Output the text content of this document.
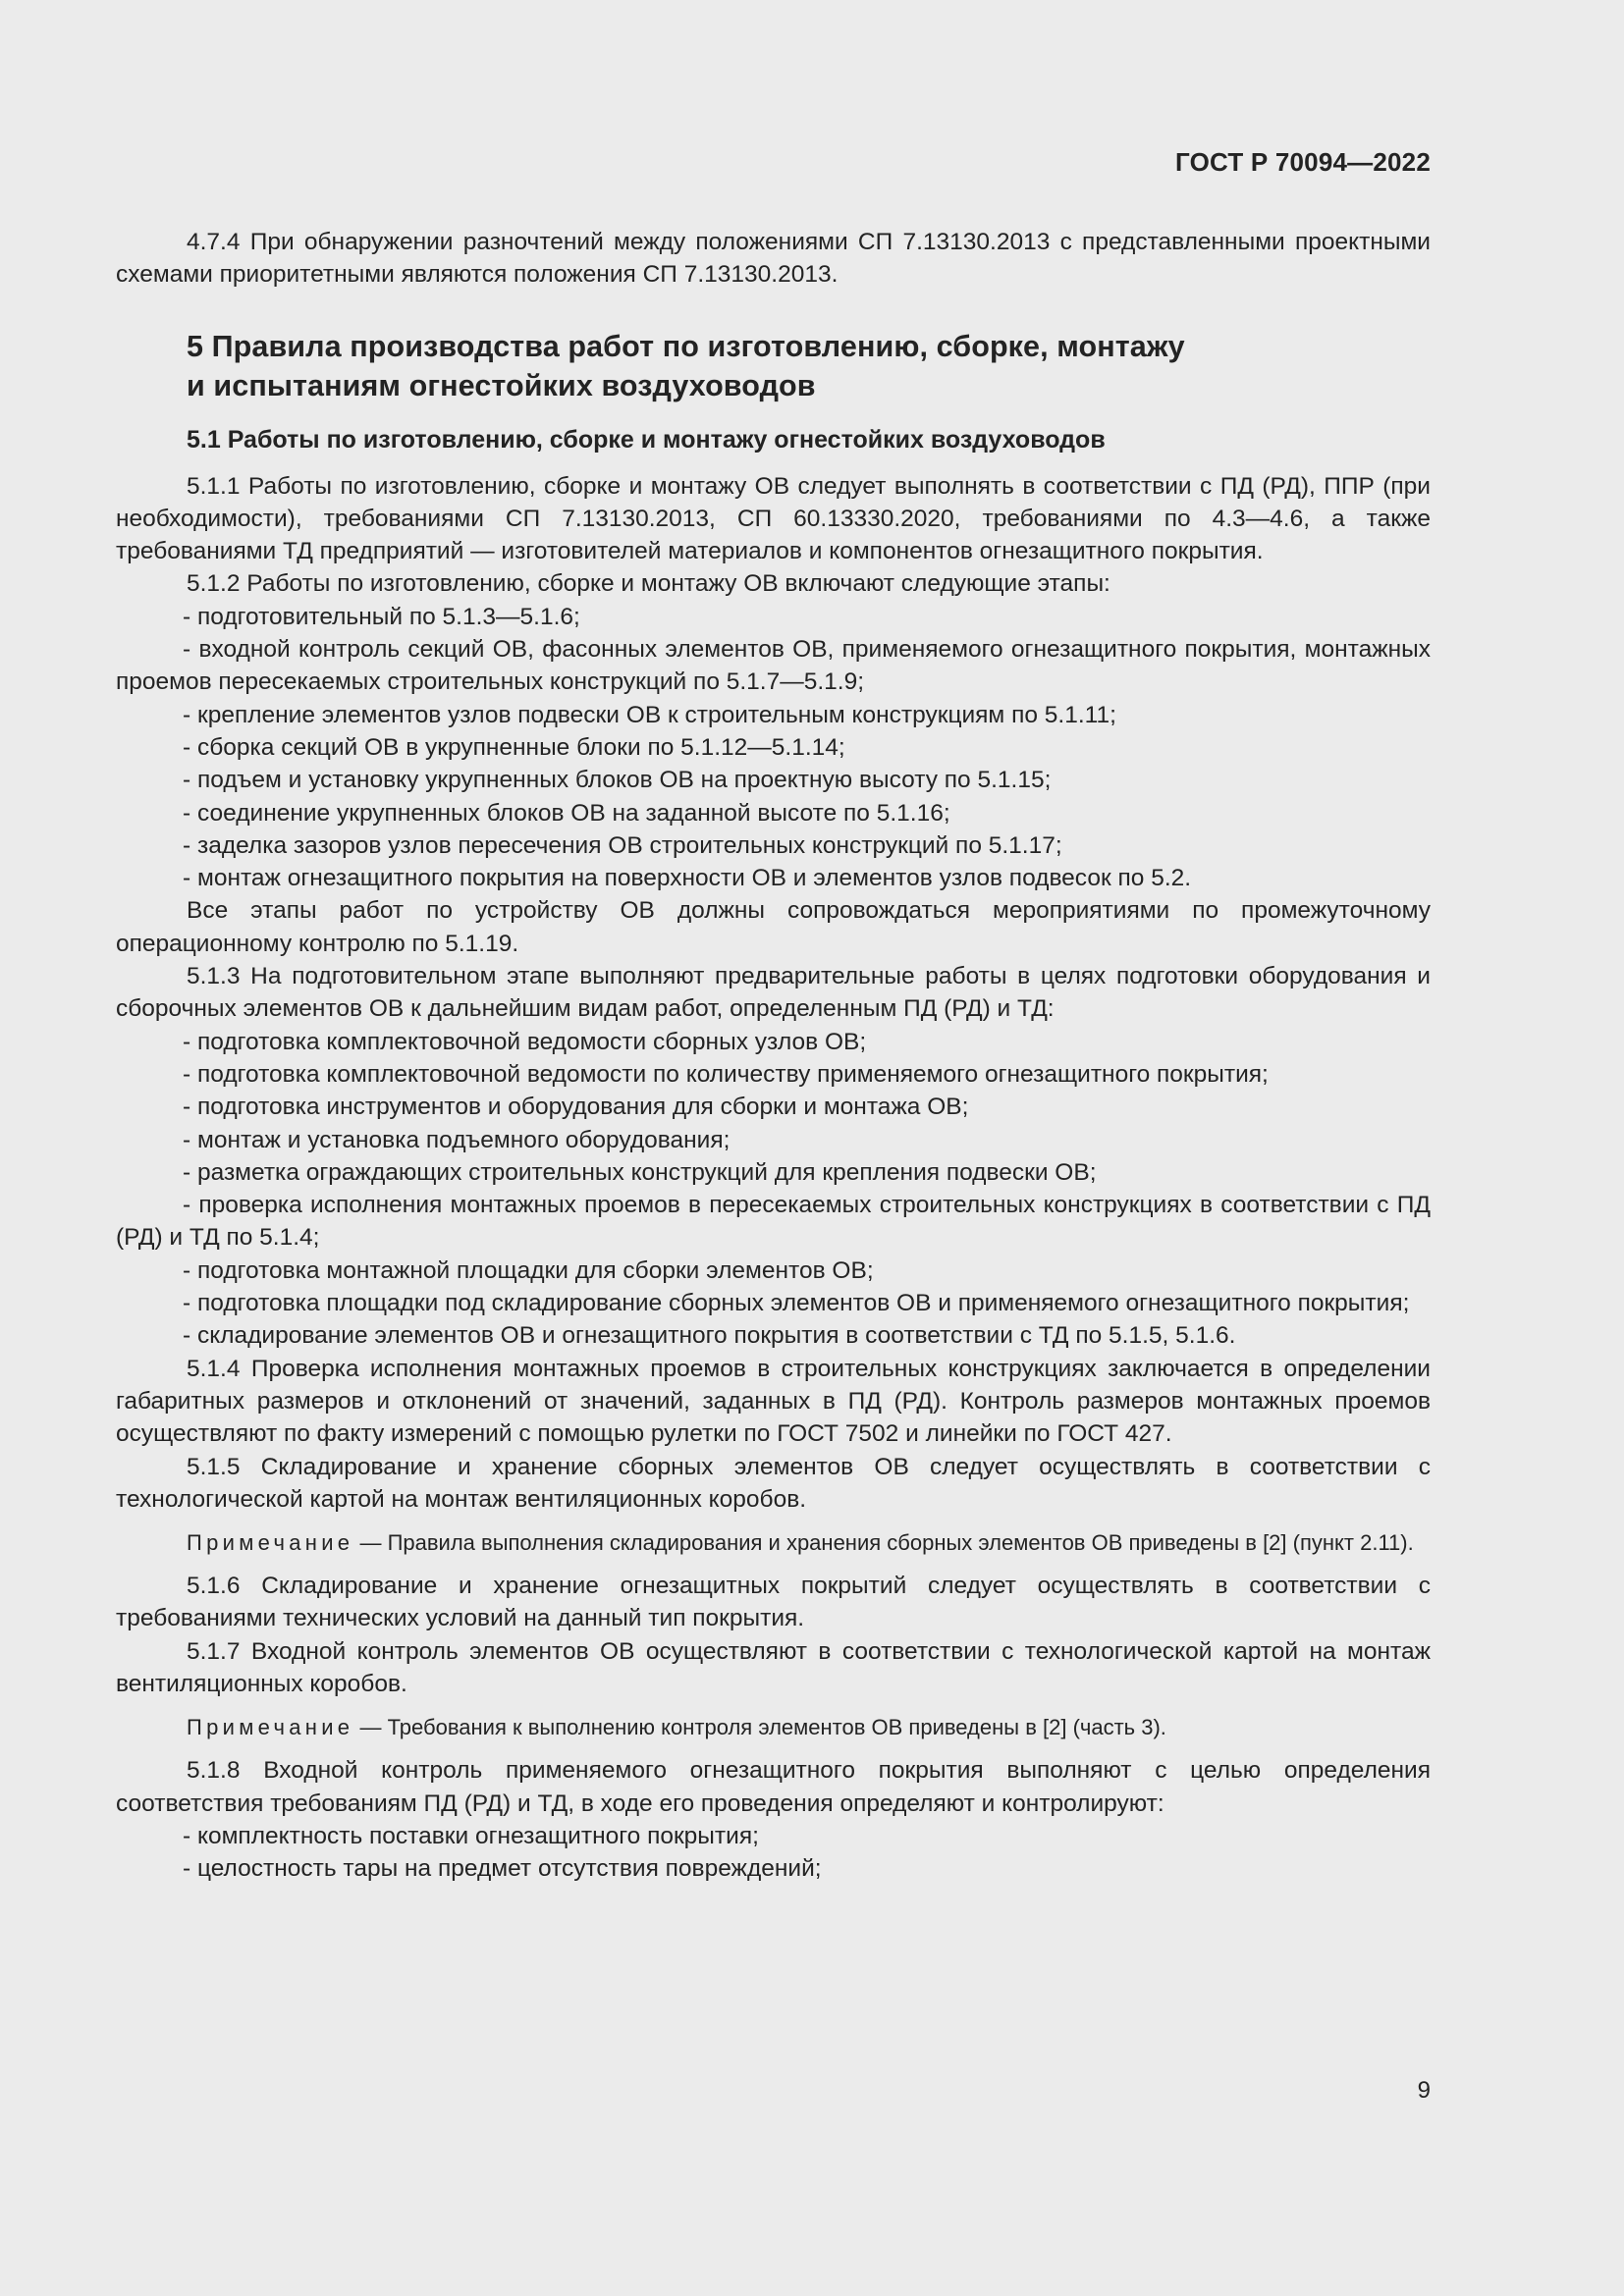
ГОСТ Р 70094—2022

4.7.4 При обнаружении разночтений между положениями СП 7.13130.2013 с представленными проектными схемами приоритетными являются положения СП 7.13130.2013.

5 Правила производства работ по изготовлению, сборке, монтажу
и испытаниям огнестойких воздуховодов
5.1 Работы по изготовлению, сборке и монтажу огнестойких воздуховодов

5.1.1 Работы по изготовлению, сборке и монтажу ОВ следует выполнять в соответствии с ПД (РД), ППР (при необходимости), требованиями СП 7.13130.2013, СП 60.13330.2020, требованиями по 4.3—4.6, а также требованиями ТД предприятий — изготовителей материалов и компонентов огнезащитного покрытия.

5.1.2 Работы по изготовлению, сборке и монтажу ОВ включают следующие этапы:

- подготовительный по 5.1.3—5.1.6;

- входной контроль секций ОВ, фасонных элементов ОВ, применяемого огнезащитного покрытия, монтажных проемов пересекаемых строительных конструкций по 5.1.7—5.1.9;

- крепление элементов узлов подвески ОВ к строительным конструкциям по 5.1.11;

- сборка секций ОВ в укрупненные блоки по 5.1.12—5.1.14;

- подъем и установку укрупненных блоков ОВ на проектную высоту по 5.1.15;

- соединение укрупненных блоков ОВ на заданной высоте по 5.1.16;

- заделка зазоров узлов пересечения ОВ строительных конструкций по 5.1.17;

- монтаж огнезащитного покрытия на поверхности ОВ и элементов узлов подвесок по 5.2.

Все этапы работ по устройству ОВ должны сопровождаться мероприятиями по промежуточному операционному контролю по 5.1.19.

5.1.3 На подготовительном этапе выполняют предварительные работы в целях подготовки оборудования и сборочных элементов ОВ к дальнейшим видам работ, определенным ПД (РД) и ТД:

- подготовка комплектовочной ведомости сборных узлов ОВ;

- подготовка комплектовочной ведомости по количеству применяемого огнезащитного покрытия;

- подготовка инструментов и оборудования для сборки и монтажа ОВ;

- монтаж и установка подъемного оборудования;

- разметка ограждающих строительных конструкций для крепления подвески ОВ;

- проверка исполнения монтажных проемов в пересекаемых строительных конструкциях в соответствии с ПД (РД) и ТД по 5.1.4;

- подготовка монтажной площадки для сборки элементов ОВ;

- подготовка площадки под складирование сборных элементов ОВ и применяемого огнезащитного покрытия;

- складирование элементов ОВ и огнезащитного покрытия в соответствии с ТД по 5.1.5, 5.1.6.

5.1.4 Проверка исполнения монтажных проемов в строительных конструкциях заключается в определении габаритных размеров и отклонений от значений, заданных в ПД (РД). Контроль размеров монтажных проемов осуществляют по факту измерений с помощью рулетки по ГОСТ 7502 и линейки по ГОСТ 427.

5.1.5 Складирование и хранение сборных элементов ОВ следует осуществлять в соответствии с технологической картой на монтаж вентиляционных коробов.

Примечание — Правила выполнения складирования и хранения сборных элементов ОВ приведены в [2] (пункт 2.11).

5.1.6 Складирование и хранение огнезащитных покрытий следует осуществлять в соответствии с требованиями технических условий на данный тип покрытия.

5.1.7 Входной контроль элементов ОВ осуществляют в соответствии с технологической картой на монтаж вентиляционных коробов.

Примечание — Требования к выполнению контроля элементов ОВ приведены в [2] (часть 3).

5.1.8 Входной контроль применяемого огнезащитного покрытия выполняют с целью определения соответствия требованиям ПД (РД) и ТД, в ходе его проведения определяют и контролируют:

- комплектность поставки огнезащитного покрытия;

- целостность тары на предмет отсутствия повреждений;

9
